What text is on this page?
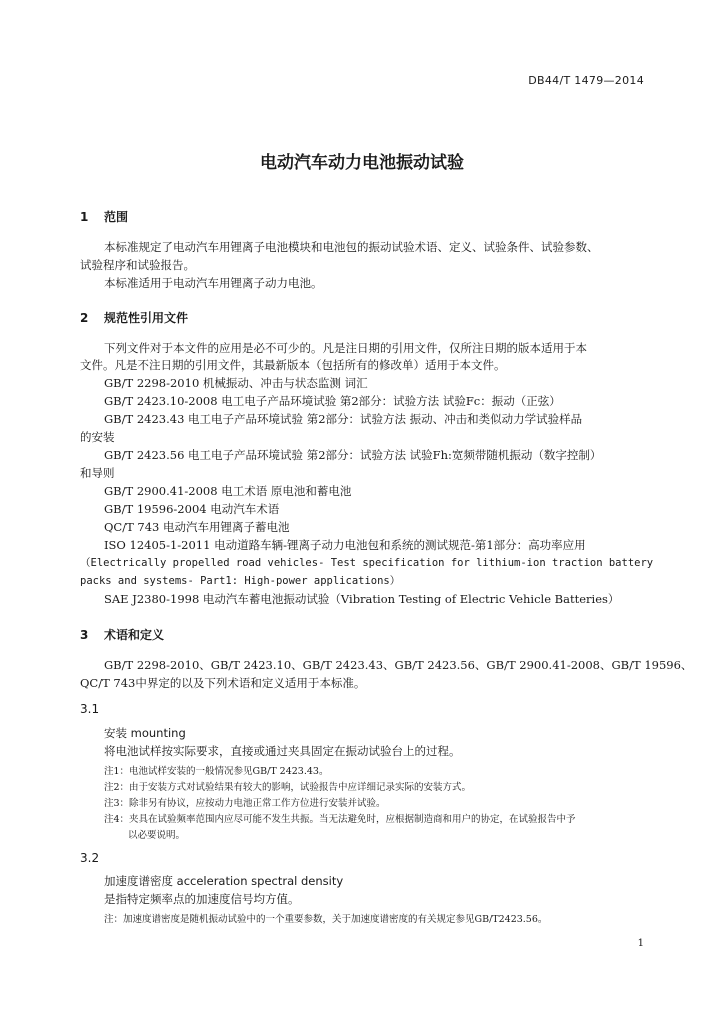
DB44/T 1479—2014
电动汽车动力电池振动试验
1 范围
本标准规定了电动汽车用锂离子电池模块和电池包的振动试验术语、定义、试验条件、试验参数、
试验程序和试验报告。
本标准适用于电动汽车用锂离子动力电池。
2 规范性引用文件
下列文件对于本文件的应用是必不可少的。凡是注日期的引用文件，仅所注日期的版本适用于本
文件。凡是不注日期的引用文件，其最新版本（包括所有的修改单）适用于本文件。
GB/T 2298-2010 机械振动、冲击与状态监测 词汇
GB/T 2423.10-2008 电工电子产品环境试验 第2部分：试验方法 试验Fc：振动（正弦）
GB/T 2423.43 电工电子产品环境试验 第2部分：试验方法 振动、冲击和类似动力学试验样品
的安装
GB/T 2423.56 电工电子产品环境试验 第2部分：试验方法 试验Fh:宽频带随机振动（数字控制）
和导则
GB/T 2900.41-2008 电工术语 原电池和蓄电池
GB/T 19596-2004 电动汽车术语
QC/T 743 电动汽车用锂离子蓄电池
ISO 12405-1-2011 电动道路车辆-锂离子动力电池包和系统的测试规范-第1部分：高功率应用
（Electrically propelled road vehicles- Test specification for lithium-ion traction battery
packs and systems- Part1: High-power applications）
SAE J2380-1998 电动汽车蓄电池振动试验（Vibration Testing of Electric Vehicle Batteries）
3 术语和定义
GB/T 2298-2010、GB/T 2423.10、GB/T 2423.43、GB/T 2423.56、GB/T 2900.41-2008、GB/T 19596、
QC/T 743中界定的以及下列术语和定义适用于本标准。
3.1
安装 mounting
将电池试样按实际要求，直接或通过夹具固定在振动试验台上的过程。
注1：电池试样安装的一般情况参见GB/T 2423.43。
注2：由于安装方式对试验结果有较大的影响，试验报告中应详细记录实际的安装方式。
注3：除非另有协议，应按动力电池正常工作方位进行安装并试验。
注4：夹具在试验频率范围内应尽可能不发生共振。当无法避免时，应根据制造商和用户的协定，在试验报告中予
以必要说明。
3.2
加速度谱密度 acceleration spectral density
是指特定频率点的加速度信号均方值。
注：加速度谱密度是随机振动试验中的一个重要参数，关于加速度谱密度的有关规定参见GB/T2423.56。
1
